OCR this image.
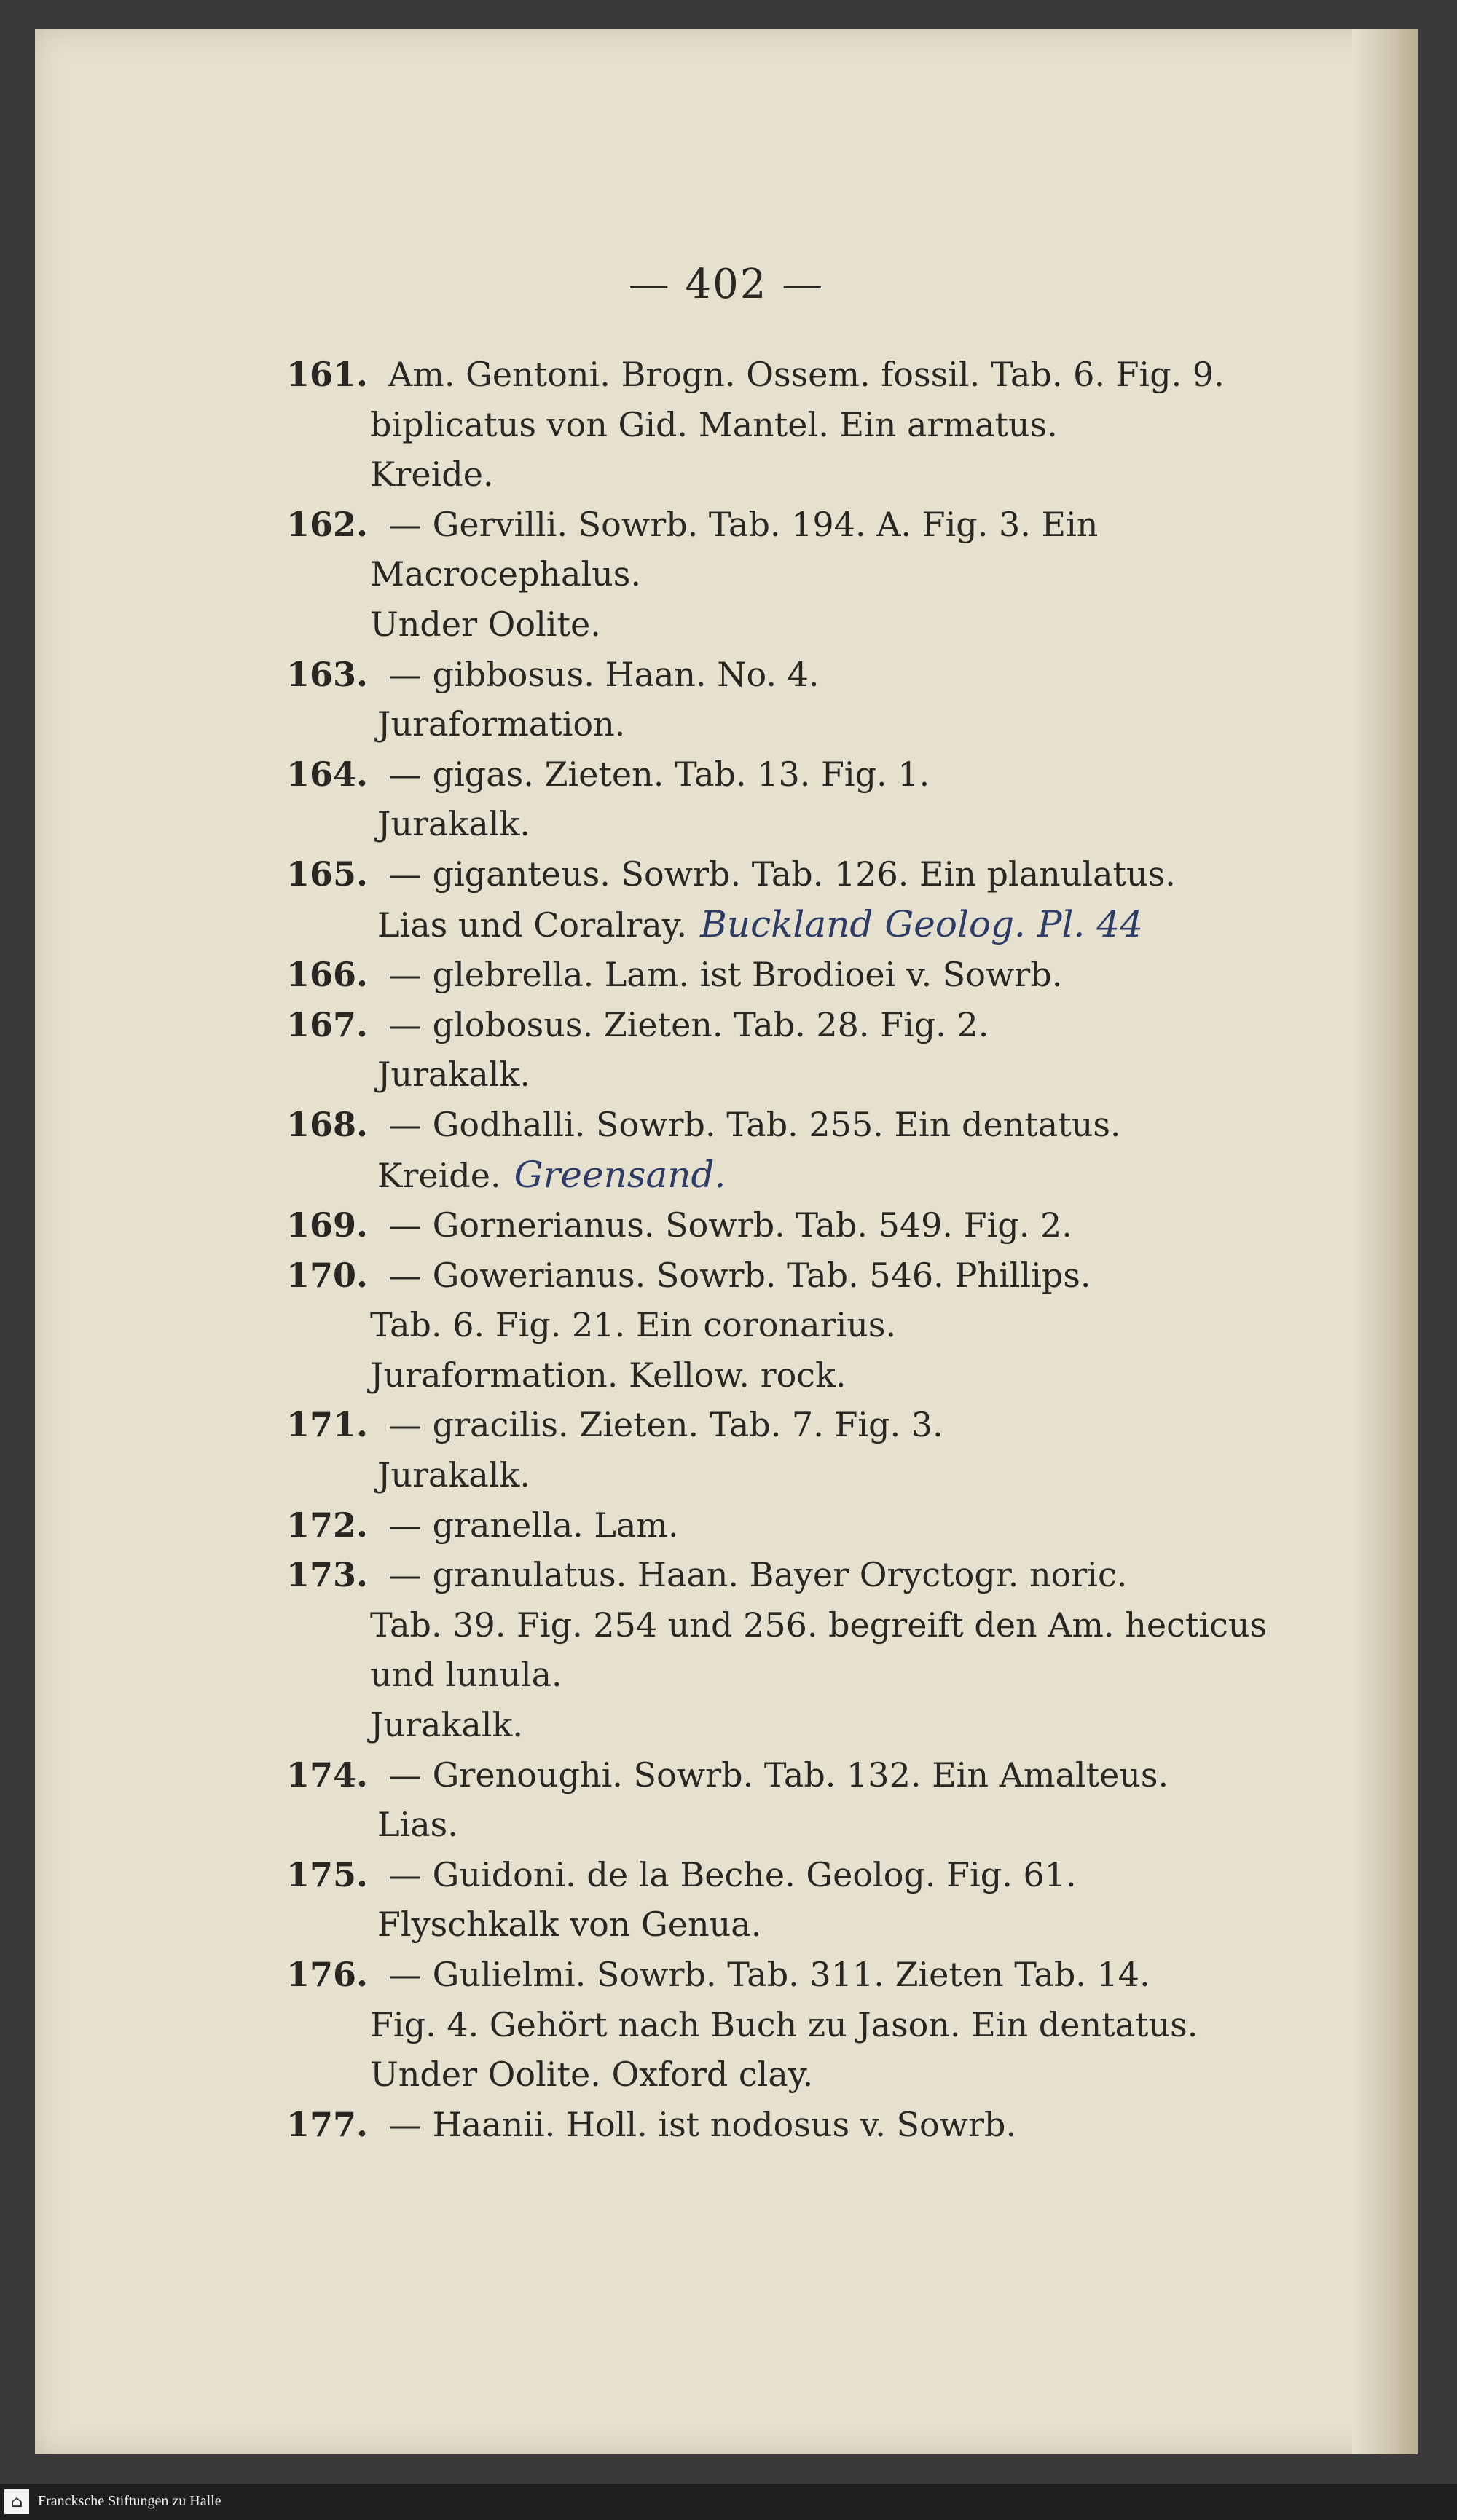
— 402 —
161. Am. Gentoni. Brogn. Ossem. fossil. Tab. 6. Fig. 9.
biplicatus von Gid. Mantel. Ein armatus.
Kreide.
162. — Gervilli. Sowrb. Tab. 194. A. Fig. 3. Ein
Macrocephalus.
Under Oolite.
163. — gibbosus. Haan. No. 4.
Juraformation.
164. — gigas. Zieten. Tab. 13. Fig. 1.
Jurakalk.
165. — giganteus. Sowrb. Tab. 126. Ein planulatus.
Lias und Coralray. Buckland Geolog. Pl. 44
166. — glebrella. Lam. ist Brodioei v. Sowrb.
167. — globosus. Zieten. Tab. 28. Fig. 2.
Jurakalk.
168. — Godhalli. Sowrb. Tab. 255. Ein dentatus.
Kreide. Greensand.
169. — Gornerianus. Sowrb. Tab. 549. Fig. 2.
170. — Gowerianus. Sowrb. Tab. 546. Phillips.
Tab. 6. Fig. 21. Ein coronarius.
Juraformation. Kellow. rock.
171. — gracilis. Zieten. Tab. 7. Fig. 3.
Jurakalk.
172. — granella. Lam.
173. — granulatus. Haan. Bayer Oryctogr. noric.
Tab. 39. Fig. 254 und 256. begreift den Am. hecticus
und lunula.
Jurakalk.
174. — Grenoughi. Sowrb. Tab. 132. Ein Amalteus.
Lias.
175. — Guidoni. de la Beche. Geolog. Fig. 61.
Flyschkalk von Genua.
176. — Gulielmi. Sowrb. Tab. 311. Zieten Tab. 14.
Fig. 4. Gehört nach Buch zu Jason. Ein dentatus.
Under Oolite. Oxford clay.
177. — Haanii. Holl. ist nodosus v. Sowrb.
⌂	Francksche Stiftungen zu Halle
